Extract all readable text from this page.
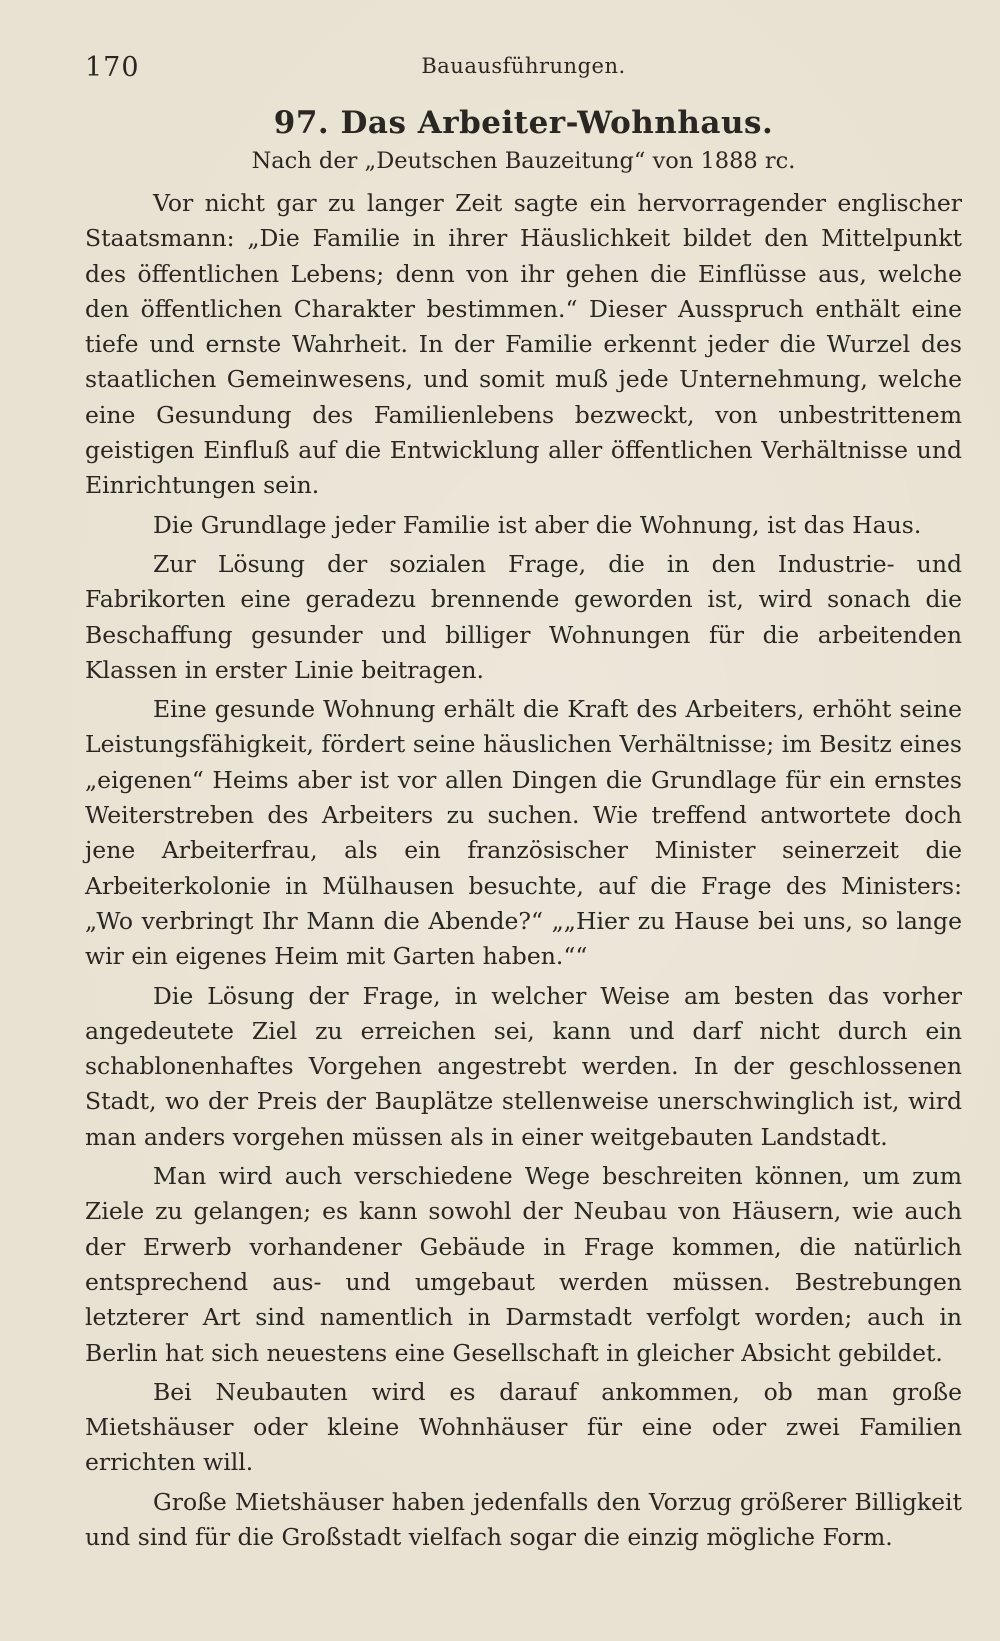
170	Bauausführungen.
97. Das Arbeiter-Wohnhaus.
Nach der „Deutschen Bauzeitung“ von 1888 rc.

Vor nicht gar zu langer Zeit sagte ein hervorragender englischer Staatsmann: „Die Familie in ihrer Häuslichkeit bildet den Mittelpunkt des öffentlichen Lebens; denn von ihr gehen die Einflüsse aus, welche den öffentlichen Charakter bestimmen.“ Dieser Ausspruch enthält eine tiefe und ernste Wahrheit. In der Familie erkennt jeder die Wurzel des staatlichen Gemeinwesens, und somit muß jede Unternehmung, welche eine Gesundung des Familienlebens bezweckt, von unbestrittenem geistigen Einfluß auf die Entwicklung aller öffentlichen Verhältnisse und Einrichtungen sein.

Die Grundlage jeder Familie ist aber die Wohnung, ist das Haus.

Zur Lösung der sozialen Frage, die in den Industrie- und Fabrikorten eine geradezu brennende geworden ist, wird sonach die Beschaffung gesunder und billiger Wohnungen für die arbeitenden Klassen in erster Linie beitragen.

Eine gesunde Wohnung erhält die Kraft des Arbeiters, erhöht seine Leistungsfähigkeit, fördert seine häuslichen Verhältnisse; im Besitz eines „eigenen“ Heims aber ist vor allen Dingen die Grundlage für ein ernstes Weiterstreben des Arbeiters zu suchen. Wie treffend antwortete doch jene Arbeiterfrau, als ein französischer Minister seinerzeit die Arbeiterkolonie in Mülhausen besuchte, auf die Frage des Ministers: „Wo verbringt Ihr Mann die Abende?“ „„Hier zu Hause bei uns, so lange wir ein eigenes Heim mit Garten haben.““

Die Lösung der Frage, in welcher Weise am besten das vorher angedeutete Ziel zu erreichen sei, kann und darf nicht durch ein schablonenhaftes Vorgehen angestrebt werden. In der geschlossenen Stadt, wo der Preis der Bauplätze stellenweise unerschwinglich ist, wird man anders vorgehen müssen als in einer weitgebauten Landstadt.

Man wird auch verschiedene Wege beschreiten können, um zum Ziele zu gelangen; es kann sowohl der Neubau von Häusern, wie auch der Erwerb vorhandener Gebäude in Frage kommen, die natürlich entsprechend aus- und umgebaut werden müssen. Bestrebungen letzterer Art sind namentlich in Darmstadt verfolgt worden; auch in Berlin hat sich neuestens eine Gesellschaft in gleicher Absicht gebildet.

Bei Neubauten wird es darauf ankommen, ob man große Mietshäuser oder kleine Wohnhäuser für eine oder zwei Familien errichten will.

Große Mietshäuser haben jedenfalls den Vorzug größerer Billigkeit und sind für die Großstadt vielfach sogar die einzig mögliche Form.
